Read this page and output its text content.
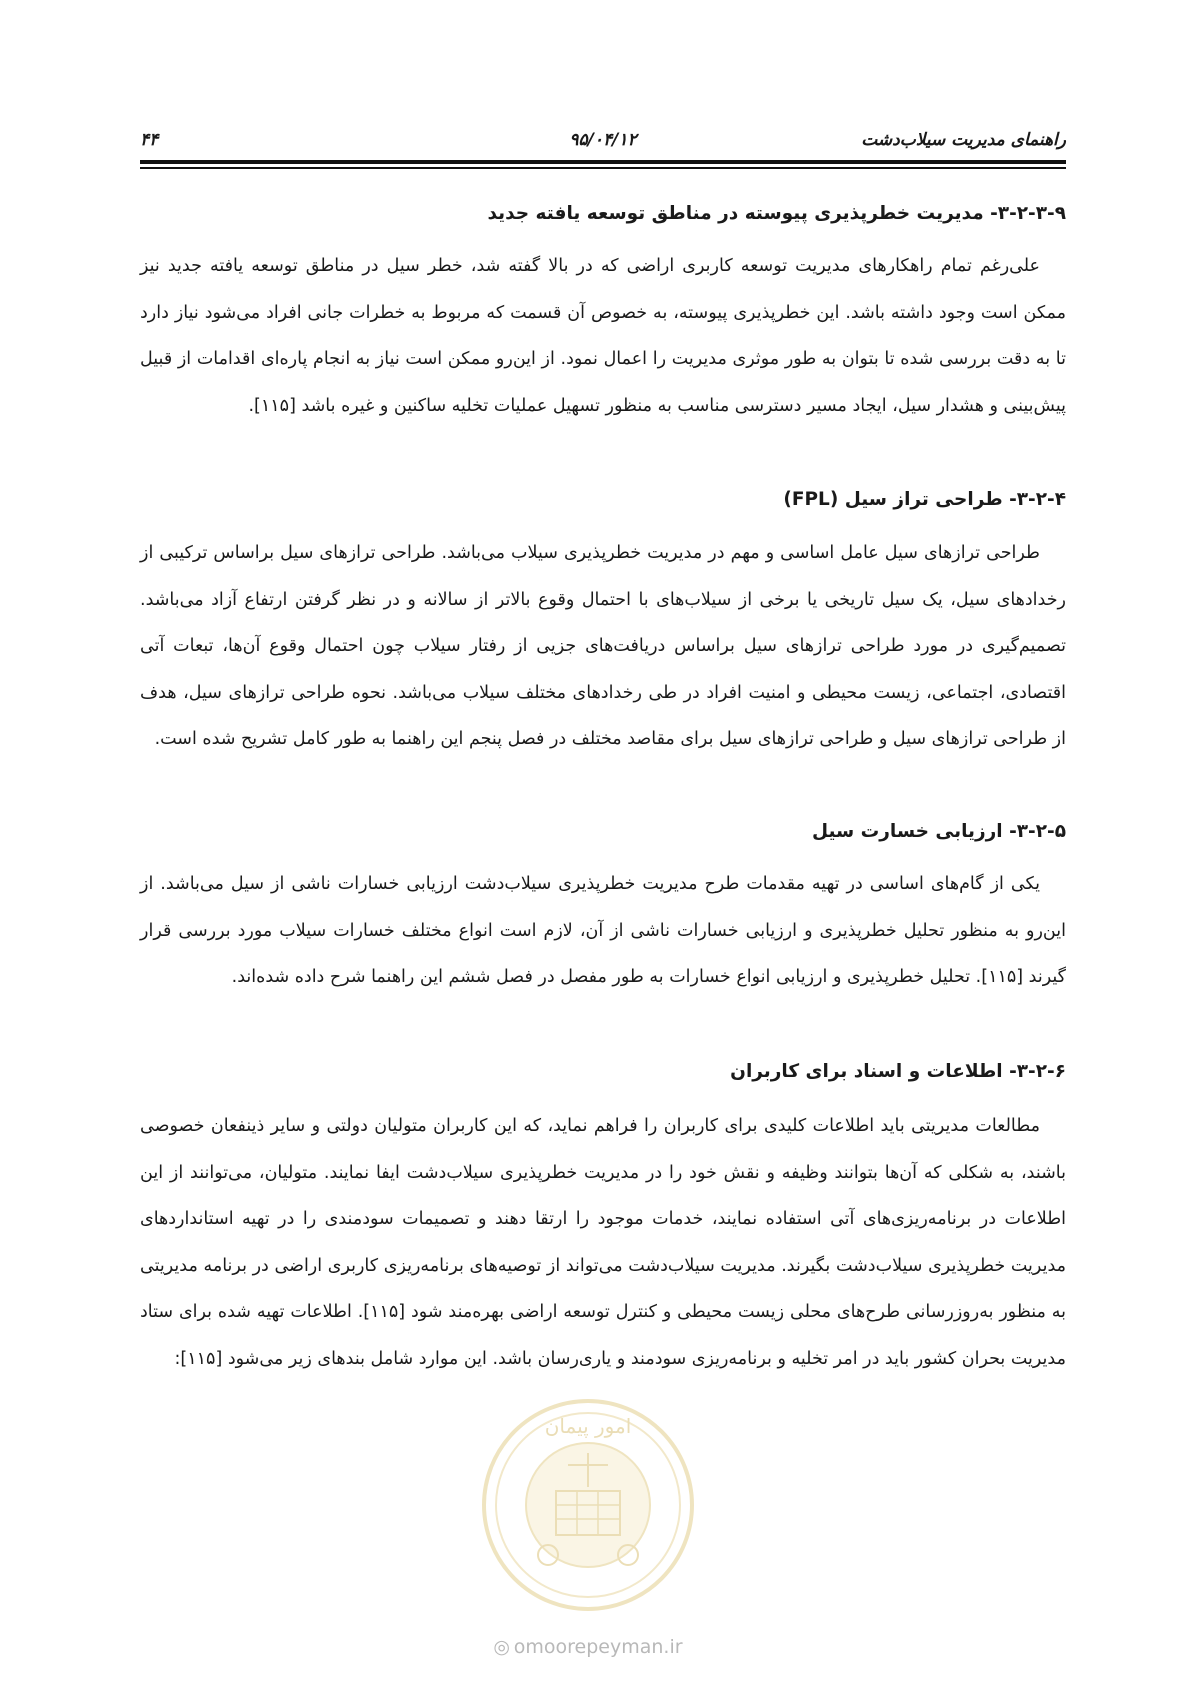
راهنمای مدیریت سیلاب‌دشت
۹۵/۰۴/۱۲
۴۴
۳-۲-۳-۹- مدیریت خطرپذیری پیوسته در مناطق توسعه یافته جدید

علی‌رغم تمام راهکارهای مدیریت توسعه کاربری اراضی که در بالا گفته شد، خطر سیل در مناطق توسعه یافته جدید نیز ممکن است وجود داشته باشد. این خطرپذیری پیوسته، به خصوص آن قسمت که مربوط به خطرات جانی افراد می‌شود نیاز دارد تا به دقت بررسی شده تا بتوان به طور موثری مدیریت را اعمال نمود. از این‌رو ممکن است نیاز به انجام پاره‌ای اقدامات از قبیل پیش‌بینی و هشدار سیل، ایجاد مسیر دسترسی مناسب به منظور تسهیل عملیات تخلیه ساکنین و غیره باشد [۱۱۵].

۳-۲-۴- طراحی تراز سیل (FPL)

طراحی ترازهای سیل عامل اساسی و مهم در مدیریت خطرپذیری سیلاب می‌باشد. طراحی ترازهای سیل براساس ترکیبی از رخدادهای سیل، یک سیل تاریخی یا برخی از سیلاب‌های با احتمال وقوع بالاتر از سالانه و در نظر گرفتن ارتفاع آزاد می‌باشد. تصمیم‌گیری در مورد طراحی ترازهای سیل براساس دریافت‌های جزیی از رفتار سیلاب چون احتمال وقوع آن‌ها، تبعات آتی اقتصادی، اجتماعی، زیست محیطی و امنیت افراد در طی رخدادهای مختلف سیلاب می‌باشد. نحوه طراحی ترازهای سیل، هدف از طراحی ترازهای سیل و طراحی ترازهای سیل برای مقاصد مختلف در فصل پنجم این راهنما به طور کامل تشریح شده است.

۳-۲-۵- ارزیابی خسارت سیل

یکی از گام‌های اساسی در تهیه مقدمات طرح مدیریت خطرپذیری سیلاب‌دشت ارزیابی خسارات ناشی از سیل می‌باشد. از این‌رو به منظور تحلیل خطرپذیری و ارزیابی خسارات ناشی از آن، لازم است انواع مختلف خسارات سیلاب مورد بررسی قرار گیرند [۱۱۵]. تحلیل خطرپذیری و ارزیابی انواع خسارات به طور مفصل در فصل ششم این راهنما شرح داده شده‌اند.

۳-۲-۶- اطلاعات و اسناد برای کاربران

مطالعات مدیریتی باید اطلاعات کلیدی برای کاربران را فراهم نماید، که این کاربران متولیان دولتی و سایر ذینفعان خصوصی باشند، به شکلی که آن‌ها بتوانند وظیفه و نقش خود را در مدیریت خطرپذیری سیلاب‌دشت ایفا نمایند. متولیان، می‌توانند از این اطلاعات در برنامه‌ریزی‌های آتی استفاده نمایند، خدمات موجود را ارتقا دهند و تصمیمات سودمندی را در تهیه استانداردهای مدیریت خطرپذیری سیلاب‌دشت بگیرند. مدیریت سیلاب‌دشت می‌تواند از توصیه‌های برنامه‌ریزی کاربری اراضی در برنامه مدیریتی به منظور به‌روزرسانی طرح‌های محلی زیست محیطی و کنترل توسعه اراضی بهره‌مند شود [۱۱۵]. اطلاعات تهیه شده برای ستاد مدیریت بحران کشور باید در امر تخلیه و برنامه‌ریزی سودمند و یاری‌رسان باشد. این موارد شامل بندهای زیر می‌شود [۱۱۵]:

امور پیمان
◎ omoorepeyman.ir
